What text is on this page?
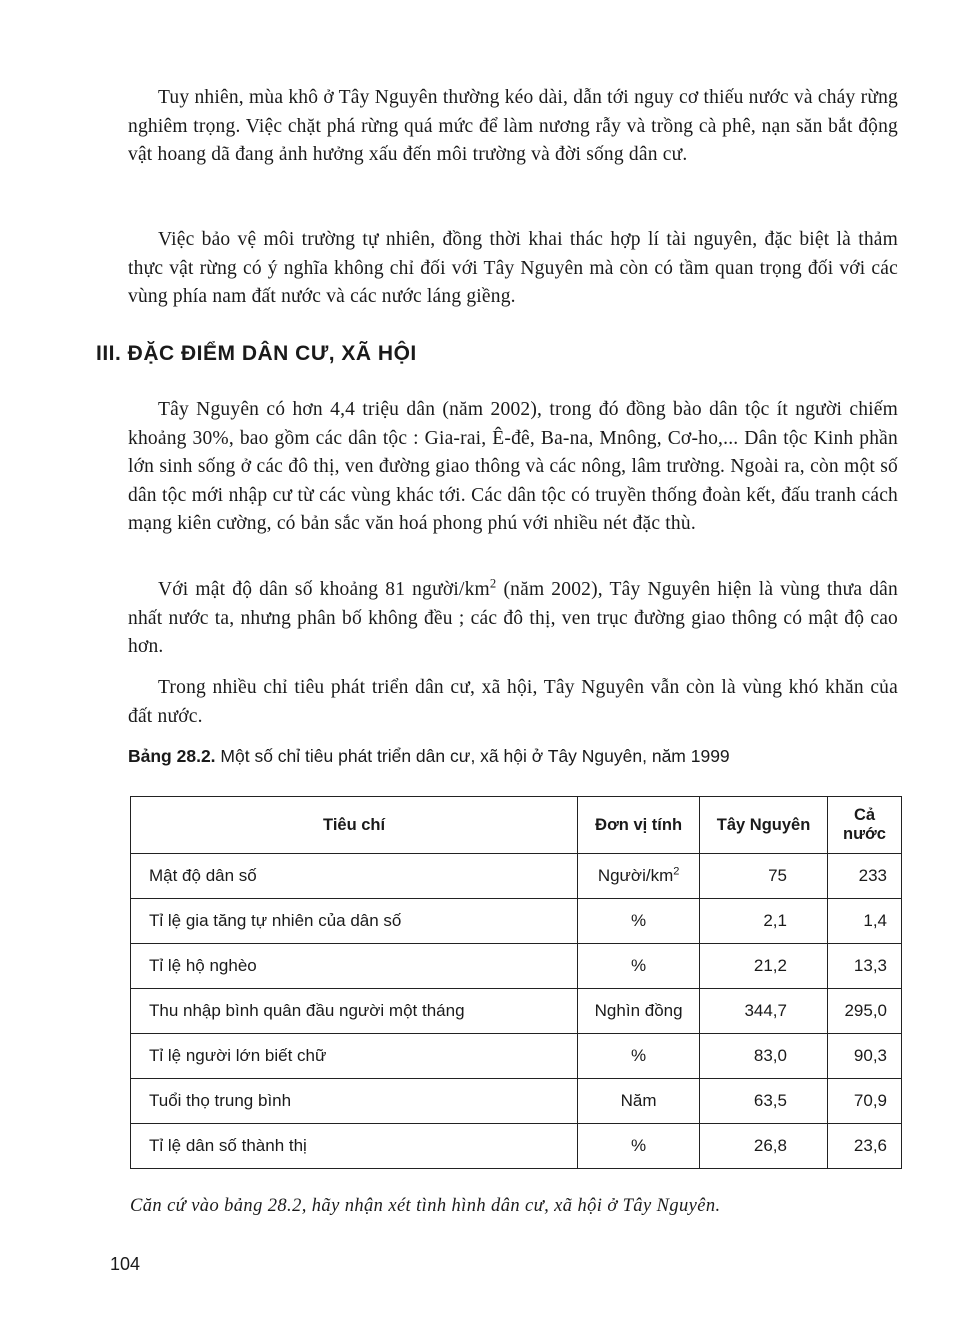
Tuy nhiên, mùa khô ở Tây Nguyên thường kéo dài, dẫn tới nguy cơ thiếu nước và cháy rừng nghiêm trọng. Việc chặt phá rừng quá mức để làm nương rẫy và trồng cà phê, nạn săn bắt động vật hoang dã đang ảnh hưởng xấu đến môi trường và đời sống dân cư.

Việc bảo vệ môi trường tự nhiên, đồng thời khai thác hợp lí tài nguyên, đặc biệt là thảm thực vật rừng có ý nghĩa không chỉ đối với Tây Nguyên mà còn có tầm quan trọng đối với các vùng phía nam đất nước và các nước láng giềng.

III. ĐẶC ĐIỂM DÂN CƯ, XÃ HỘI

Tây Nguyên có hơn 4,4 triệu dân (năm 2002), trong đó đồng bào dân tộc ít người chiếm khoảng 30%, bao gồm các dân tộc : Gia-rai, Ê-đê, Ba-na, Mnông, Cơ-ho,... Dân tộc Kinh phần lớn sinh sống ở các đô thị, ven đường giao thông và các nông, lâm trường. Ngoài ra, còn một số dân tộc mới nhập cư từ các vùng khác tới. Các dân tộc có truyền thống đoàn kết, đấu tranh cách mạng kiên cường, có bản sắc văn hoá phong phú với nhiều nét đặc thù.

Với mật độ dân số khoảng 81 người/$km^2$ (năm 2002), Tây Nguyên hiện là vùng thưa dân nhất nước ta, nhưng phân bố không đều ; các đô thị, ven trục đường giao thông có mật độ cao hơn.

Trong nhiều chỉ tiêu phát triển dân cư, xã hội, Tây Nguyên vẫn còn là vùng khó khăn của đất nước.

Bảng 28.2. Một số chỉ tiêu phát triển dân cư, xã hội ở Tây Nguyên, năm 1999
Tiêu chí	Đơn vị tính	Tây Nguyên	Cả nước
Mật độ dân số	Người/$km^2$	75	233
Tỉ lệ gia tăng tự nhiên của dân số	%	2,1	1,4
Tỉ lệ hộ nghèo	%	21,2	13,3
Thu nhập bình quân đầu người một tháng	Nghìn đồng	344,7	295,0
Tỉ lệ người lớn biết chữ	%	83,0	90,3
Tuổi thọ trung bình	Năm	63,5	70,9
Tỉ lệ dân số thành thị	%	26,8	23,6
Căn cứ vào bảng 28.2, hãy nhận xét tình hình dân cư, xã hội ở Tây Nguyên.
104
